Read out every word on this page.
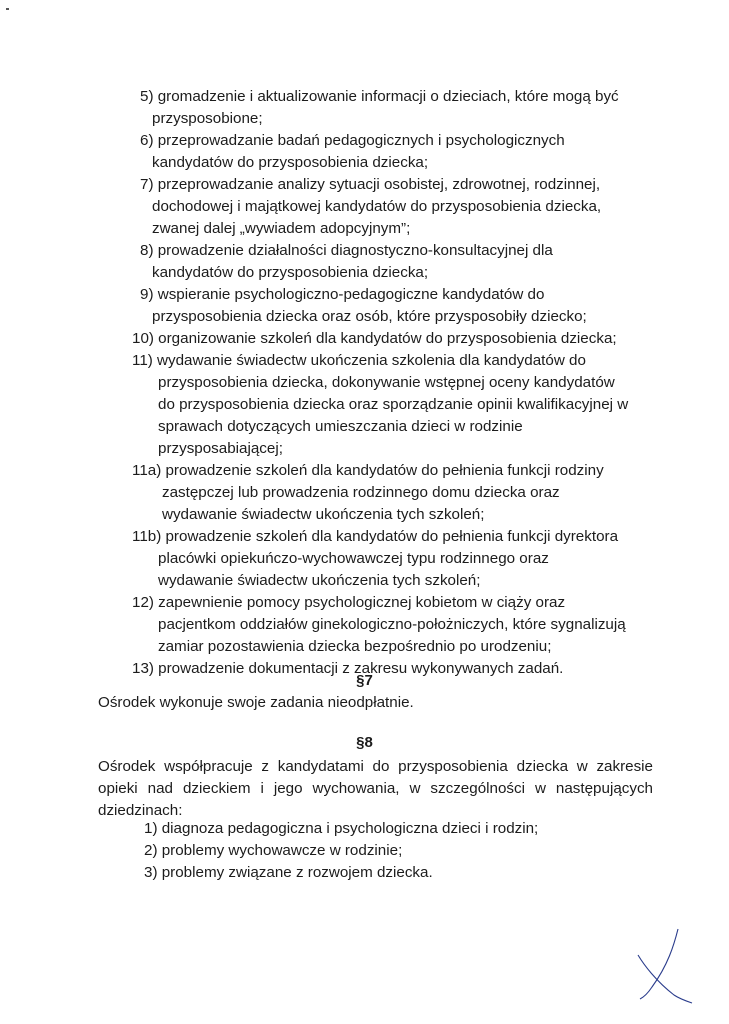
5) gromadzenie i aktualizowanie informacji o dzieciach, które mogą być
przysposobione;
6) przeprowadzanie badań pedagogicznych i psychologicznych
kandydatów do przysposobienia dziecka;
7) przeprowadzanie analizy sytuacji osobistej, zdrowotnej, rodzinnej,
dochodowej i majątkowej kandydatów do przysposobienia dziecka,
zwanej dalej „wywiadem adopcyjnym”;
8) prowadzenie działalności diagnostyczno-konsultacyjnej dla
kandydatów do przysposobienia dziecka;
9) wspieranie psychologiczno-pedagogiczne kandydatów do
przysposobienia dziecka oraz osób, które przysposobiły dziecko;
10) organizowanie szkoleń dla kandydatów do przysposobienia dziecka;
11) wydawanie świadectw ukończenia szkolenia dla kandydatów do
przysposobienia dziecka, dokonywanie wstępnej oceny kandydatów
do przysposobienia dziecka oraz sporządzanie opinii kwalifikacyjnej w
sprawach dotyczących umieszczania dzieci w rodzinie
przysposabiającej;
11a) prowadzenie szkoleń dla kandydatów do pełnienia funkcji rodziny
zastępczej lub prowadzenia rodzinnego domu dziecka oraz
wydawanie świadectw ukończenia tych szkoleń;
11b) prowadzenie szkoleń dla kandydatów do pełnienia funkcji dyrektora
placówki opiekuńczo-wychowawczej typu rodzinnego oraz
wydawanie świadectw ukończenia tych szkoleń;
12) zapewnienie pomocy psychologicznej kobietom w ciąży oraz
pacjentkom oddziałów ginekologiczno-położniczych, które sygnalizują
zamiar pozostawienia dziecka bezpośrednio po urodzeniu;
13) prowadzenie dokumentacji z zakresu wykonywanych zadań.
§7
Ośrodek wykonuje swoje zadania nieodpłatnie.
§8
Ośrodek współpracuje z kandydatami do przysposobienia dziecka w zakresie
opieki nad dzieckiem i jego wychowania, w szczególności w następujących
dziedzinach:
1) diagnoza pedagogiczna i psychologiczna dzieci i rodzin;
2) problemy wychowawcze w rodzinie;
3) problemy związane z rozwojem dziecka.
